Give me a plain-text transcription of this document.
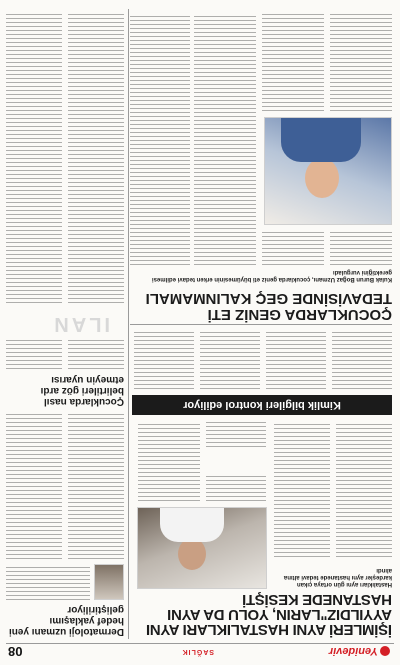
Yenidevir
SAĞLIK
08
İŞİMLERİ AYNI HASTALIKLARI AYNI AYYILDIZ"LARIN, YOLU DA AYNI HASTANEDE KESİŞTİ
Hastalıkları aynı gün ortaya çıkan kardeşler aynı hastanede tedavi altına alındı
Kimlik bilgileri kontrol ediliyor
ÇOCUKLARDA GENİZ ETİ TEDAVİSİNDE GEÇ KALINMAMALI
Kulak Burun Boğaz Uzmanı, çocuklarda geniz eti büyümesinin erken tedavi edilmesi gerektiğini vurguladı
Dermatoloji uzmanı yeni hedef yaklaşımı geliştiriliyor
Çocuklarda nasıl belirtileri göz ardı etmeyin uyarısı
ILAN
